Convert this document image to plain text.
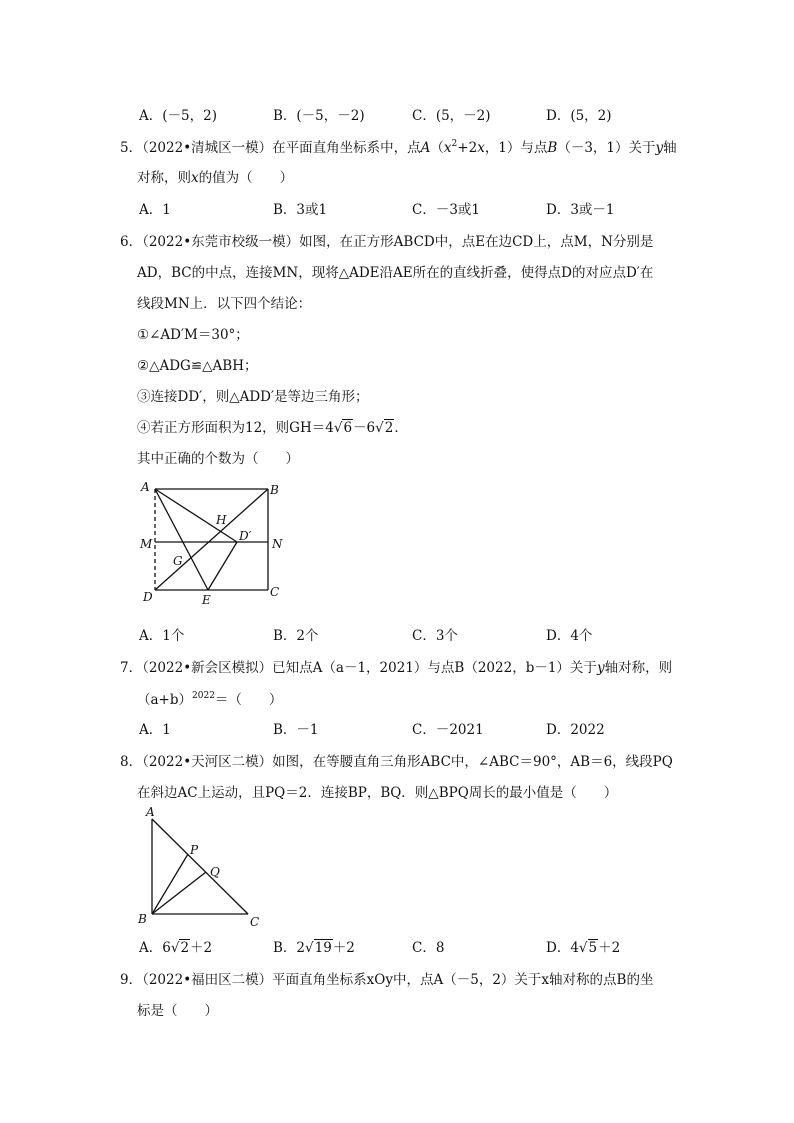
A．(－5，2)	B．(－5，－2)	C．(5，－2)	D．(5，2)
5．（2022•清城区一模）在平面直角坐标系中，点$A(x^2+2x$，1）与点B（－3，1）关于y轴
对称，则x的值为（　　）
A．1	B．3或1	C．－3或1	D．3或－1
6．（2022•东莞市校级一模）如图，在正方形ABCD中，点E在边CD上，点M，N分别是
AD，BC的中点，连接MN，现将△ADE沿AE所在的直线折叠，使得点D的对应点D′在
线段MN上．以下四个结论：
①∠AD′M＝30°；
②△ADG≌△ABH；
③连接DD′，则△ADD′是等边三角形；
④若正方形面积为12，则GH＝4√6－6√2．
其中正确的个数为（　　）
A	B
C
D	E
G
H
M	N
D′
A．1个	B．2个	C．3个	D．4个
7．（2022•新会区模拟）已知点A（a－1，2021）与点B（2022，b－1）关于y轴对称，则
$(a+b)^{2022}=$（　　）
A．1	B．－1	C．－2021	D．2022
8．（2022•天河区二模）如图，在等腰直角三角形ABC中，∠ABC＝90°，AB＝6，线段PQ
在斜边AC上运动，且PQ＝2．连接BP，BQ．则△BPQ周长的最小值是（　　）
A
B	C
P
Q
A．6√2＋2	B．2√19＋2	C．8	D．4√5＋2
9．（2022•福田区二模）平面直角坐标系xOy中，点A（－5，2）关于x轴对称的点B的坐
标是（　　）
